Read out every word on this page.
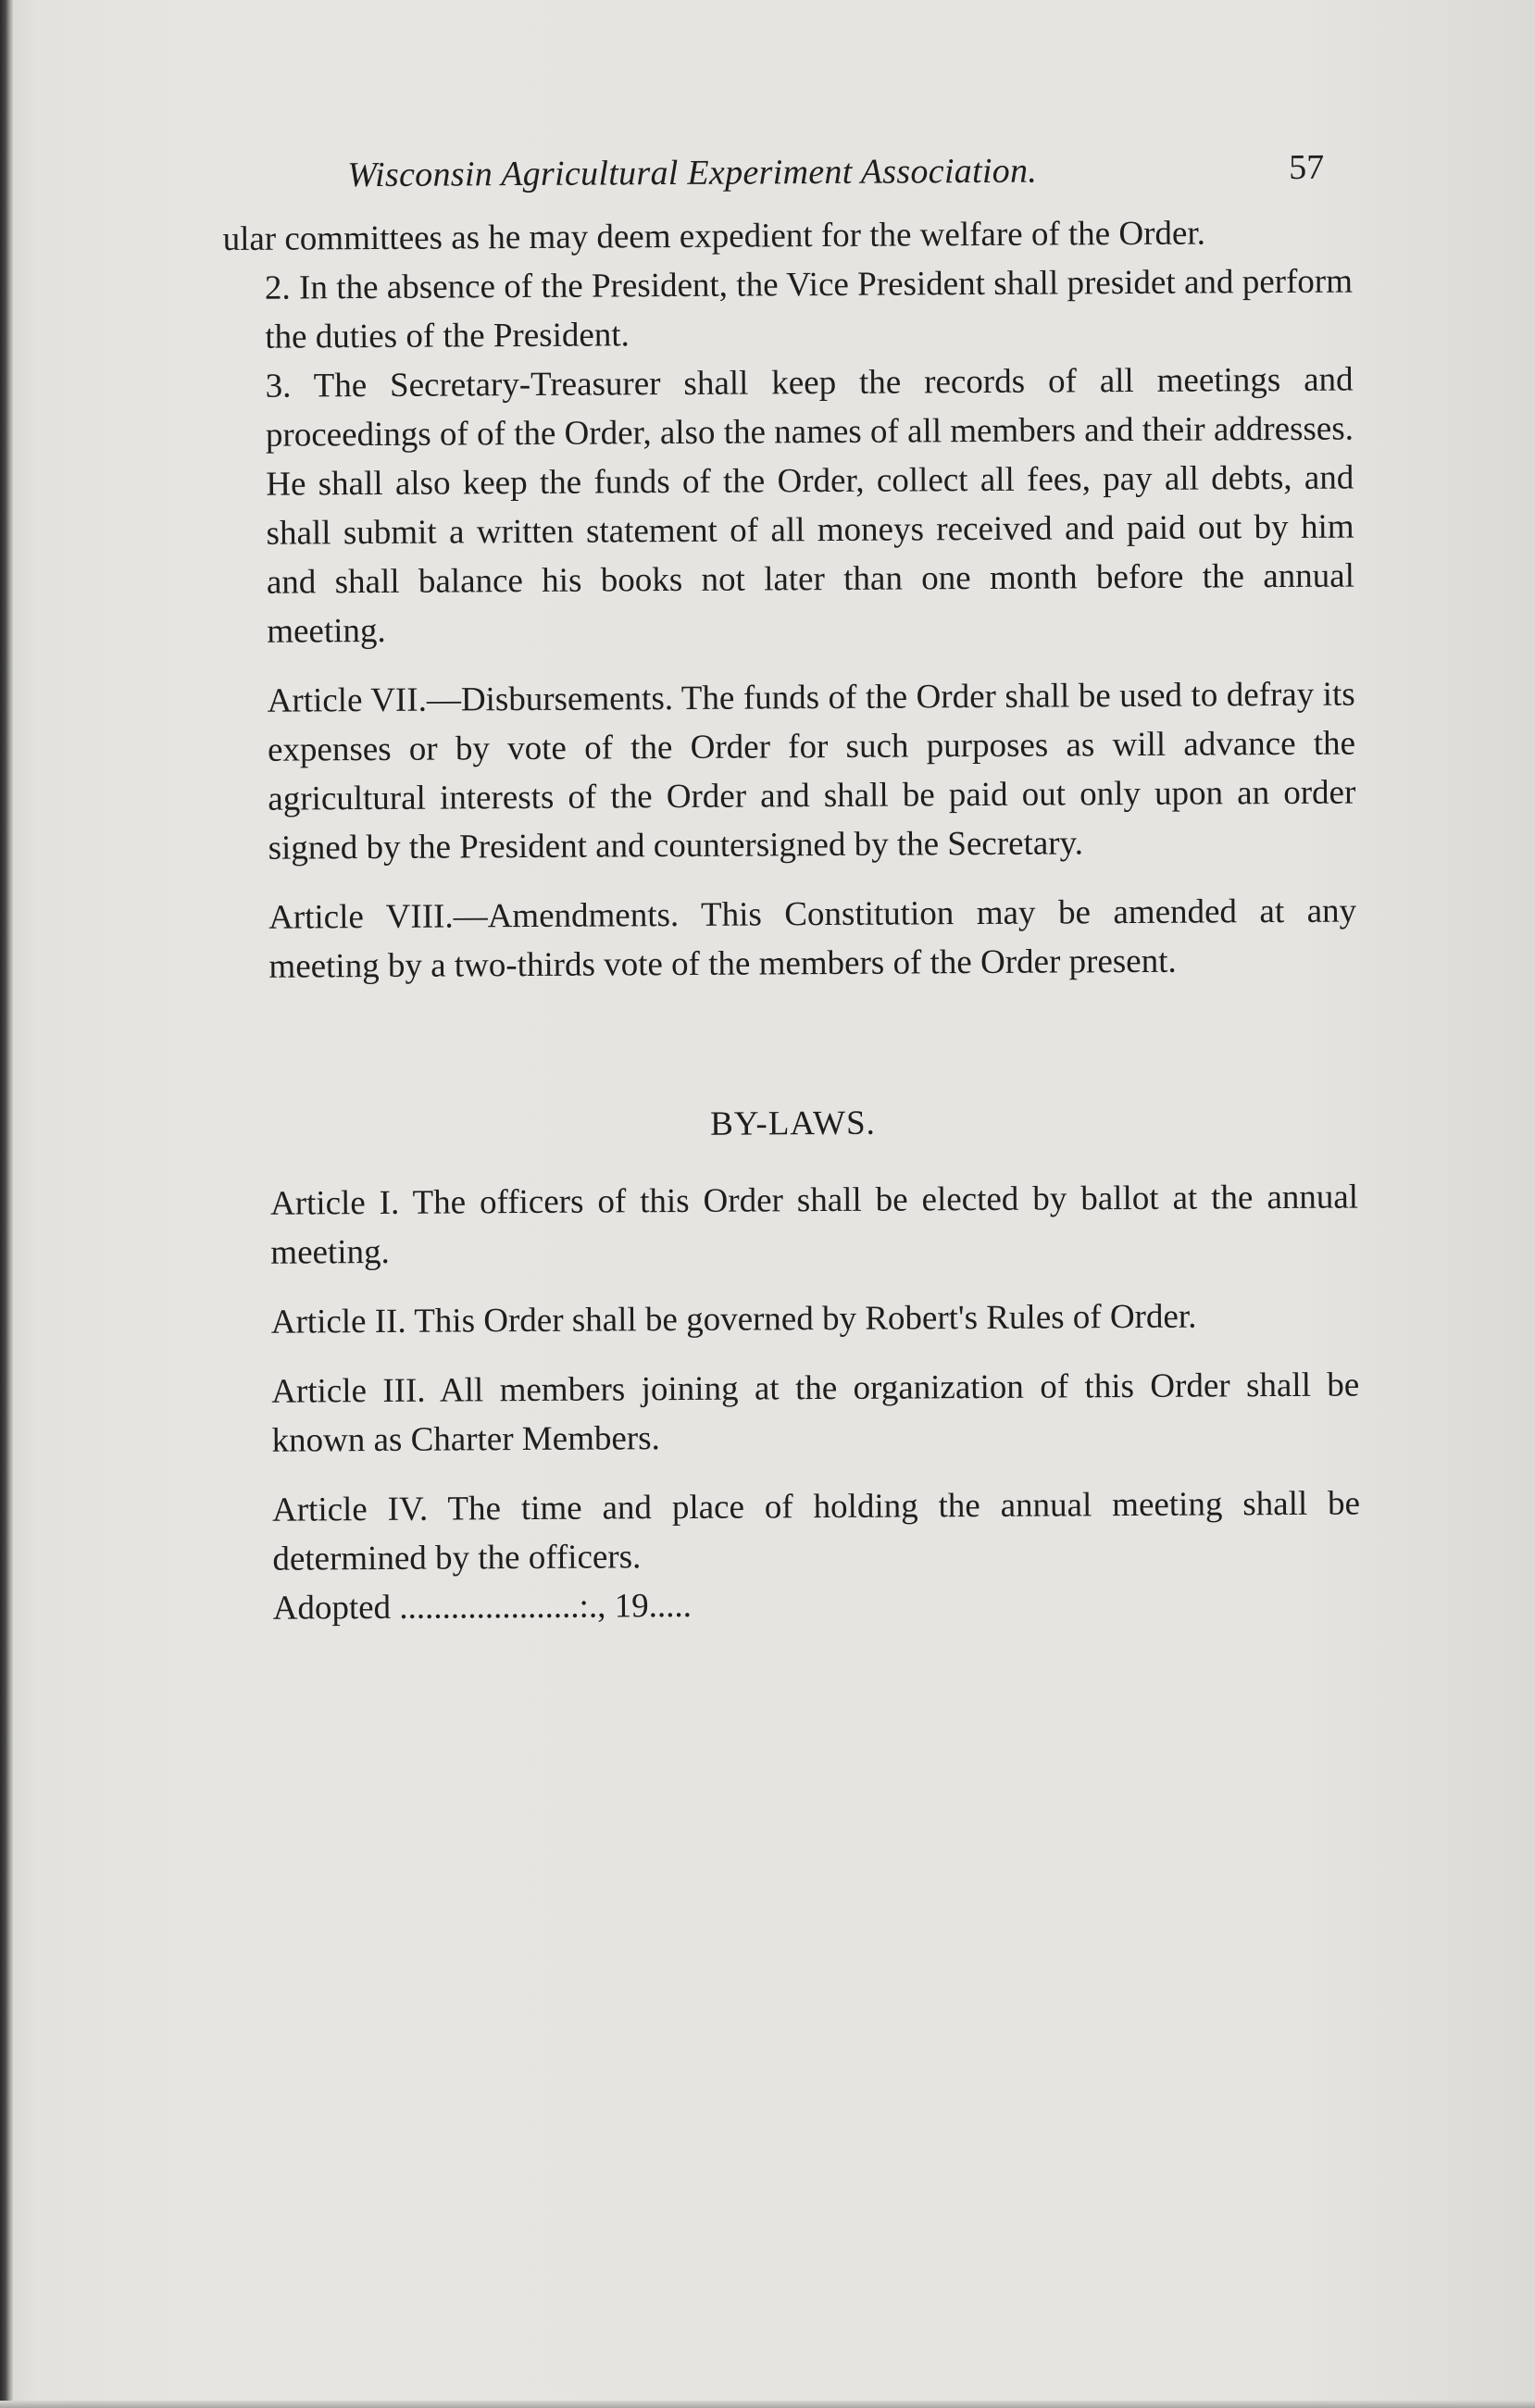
Wisconsin Agricultural Experiment Association.	57

ular committees as he may deem expedient for the welfare of the Order.

2. In the absence of the President, the Vice President shall presidet and perform the duties of the President.

3. The Secretary-Treasurer shall keep the records of all meetings and proceedings of of the Order, also the names of all members and their addresses. He shall also keep the funds of the Order, collect all fees, pay all debts, and shall submit a written statement of all moneys received and paid out by him and shall balance his books not later than one month before the annual meeting.

Article VII.—Disbursements. The funds of the Order shall be used to defray its expenses or by vote of the Order for such purposes as will advance the agricultural interests of the Order and shall be paid out only upon an order signed by the President and countersigned by the Secretary.

Article VIII.—Amendments. This Constitution may be amended at any meeting by a two-thirds vote of the members of the Order present.

BY-LAWS.

Article I. The officers of this Order shall be elected by ballot at the annual meeting.

Article II. This Order shall be governed by Robert's Rules of Order.

Article III. All members joining at the organization of this Order shall be known as Charter Members.

Article IV. The time and place of holding the annual meeting shall be determined by the officers.

Adopted .....................:., 19.....
